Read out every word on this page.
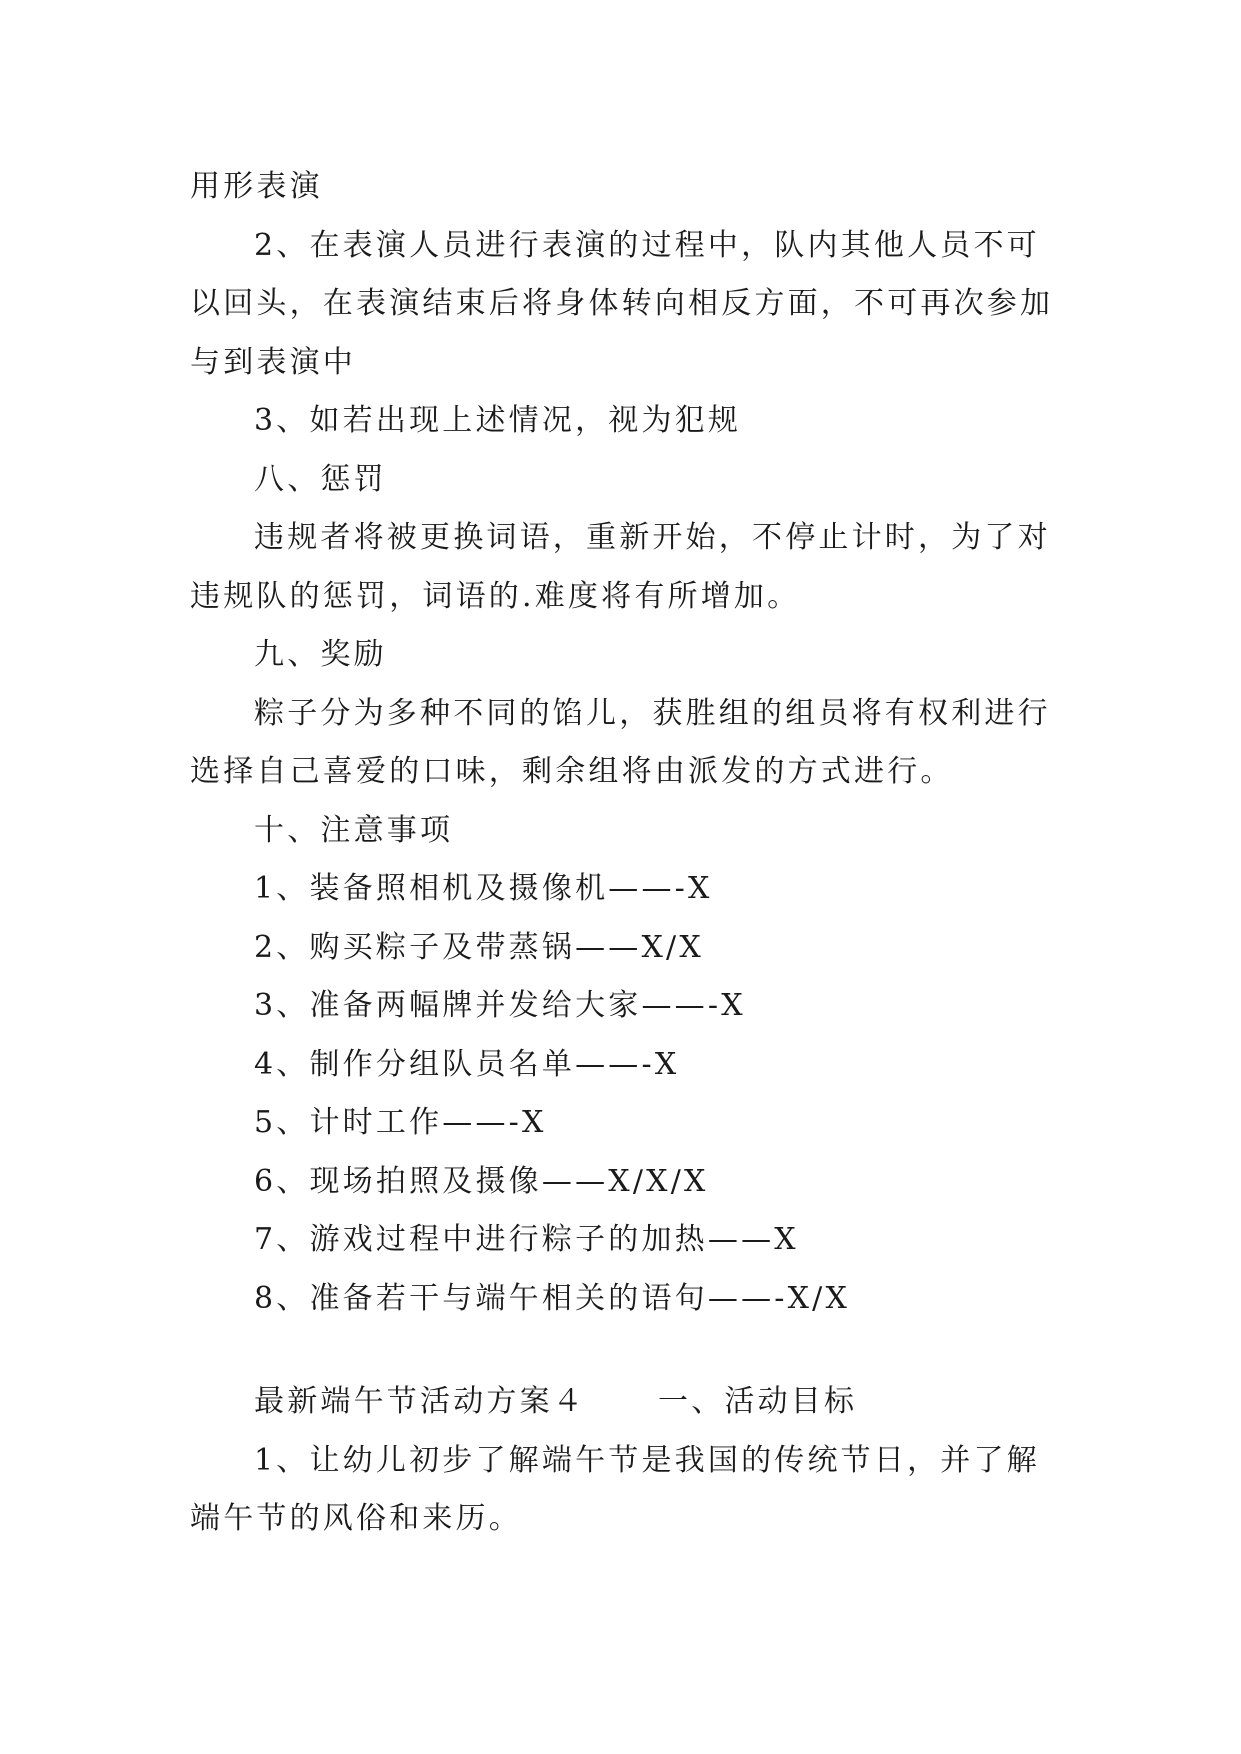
用形表演

2、在表演人员进行表演的过程中，队内其他人员不可

以回头，在表演结束后将身体转向相反方面，不可再次参加

与到表演中

3、如若出现上述情况，视为犯规

八、惩罚

违规者将被更换词语，重新开始，不停止计时，为了对

违规队的惩罚，词语的.难度将有所增加。

九、奖励

粽子分为多种不同的馅儿，获胜组的组员将有权利进行

选择自己喜爱的口味，剩余组将由派发的方式进行。

十、注意事项

1、装备照相机及摄像机——-X

2、购买粽子及带蒸锅——X/X

3、准备两幅牌并发给大家——-X

4、制作分组队员名单——-X

5、计时工作——-X

6、现场拍照及摄像——X/X/X

7、游戏过程中进行粽子的加热——X

8、准备若干与端午相关的语句——-X/X

最新端午节活动方案４ 一、活动目标

1、让幼儿初步了解端午节是我国的传统节日，并了解

端午节的风俗和来历。
